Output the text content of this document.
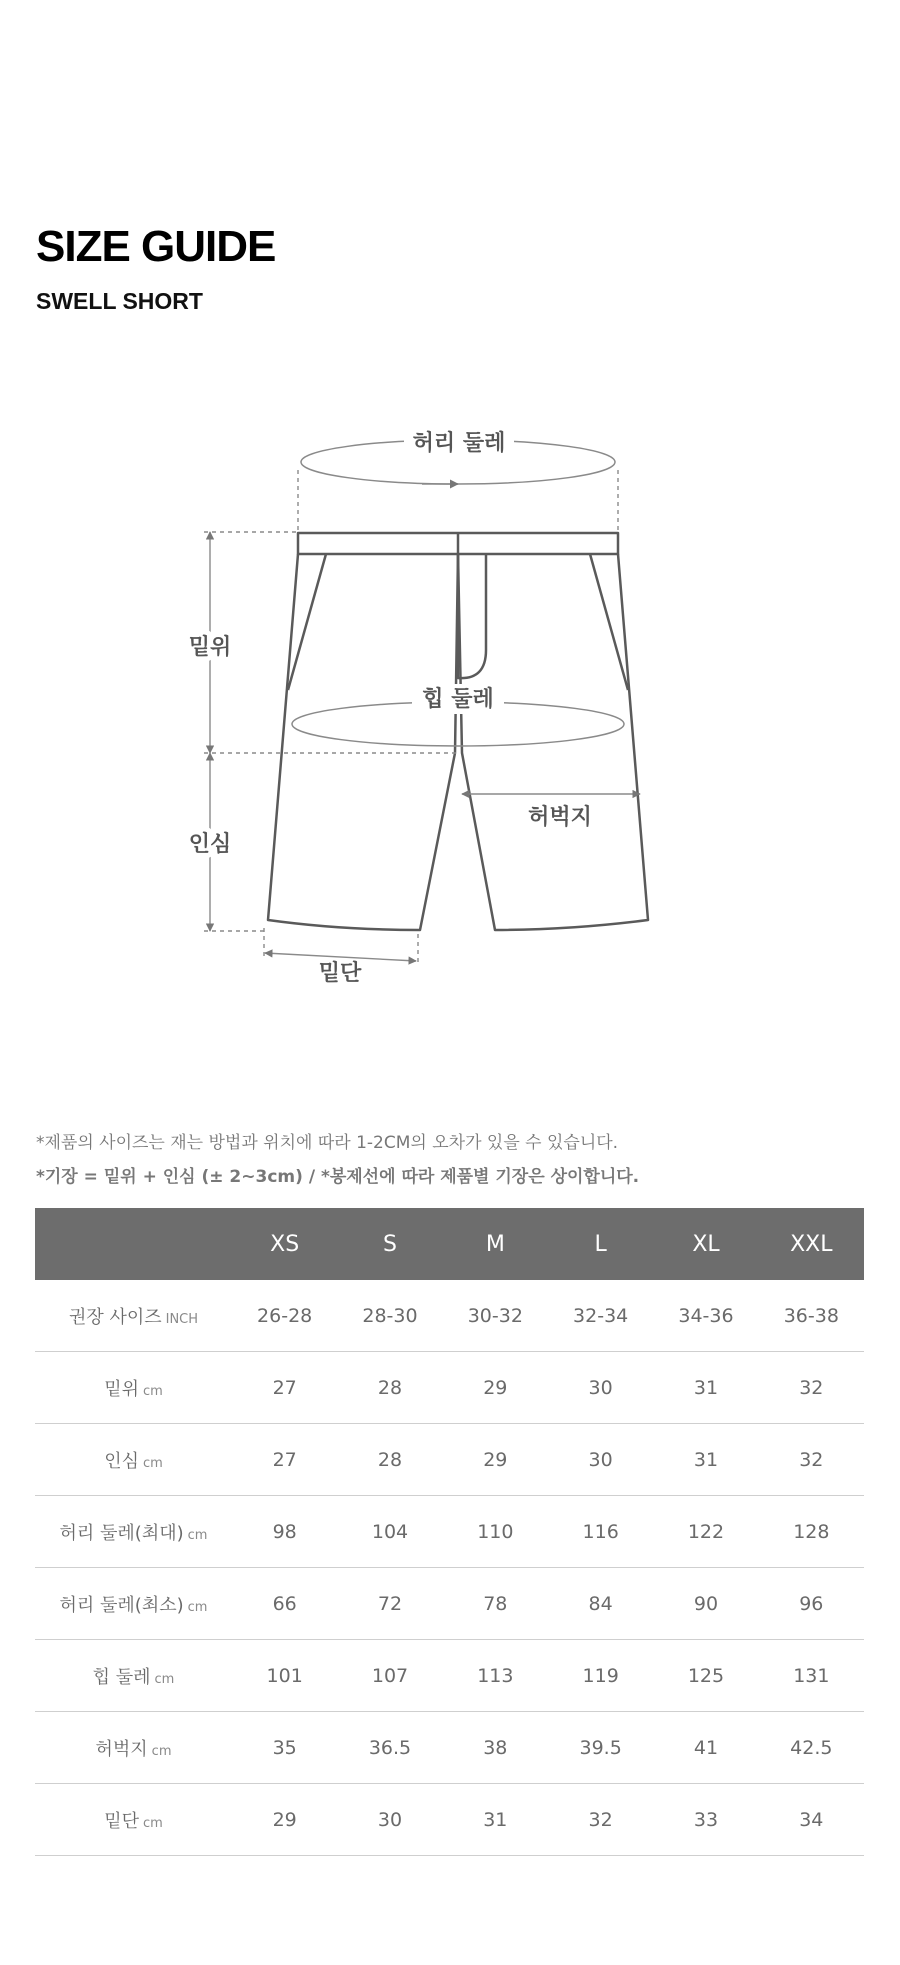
SIZE GUIDE
SWELL SHORT
허리 둘레
밑위
힙 둘레
인심
허벅지
밑단
*제품의 사이즈는 재는 방법과 위치에 따라 1-2CM의 오차가 있을 수 있습니다.
*기장 = 밑위 + 인심 (± 2~3cm) / *봉제선에 따라 제품별 기장은 상이합니다.
	XS	S	M	L	XL	XXL
권장 사이즈 INCH	26-28	28-30	30-32	32-34	34-36	36-38
밑위 cm	27	28	29	30	31	32
인심 cm	27	28	29	30	31	32
허리 둘레(최대) cm	98	104	110	116	122	128
허리 둘레(최소) cm	66	72	78	84	90	96
힙 둘레 cm	101	107	113	119	125	131
허벅지 cm	35	36.5	38	39.5	41	42.5
밑단 cm	29	30	31	32	33	34
